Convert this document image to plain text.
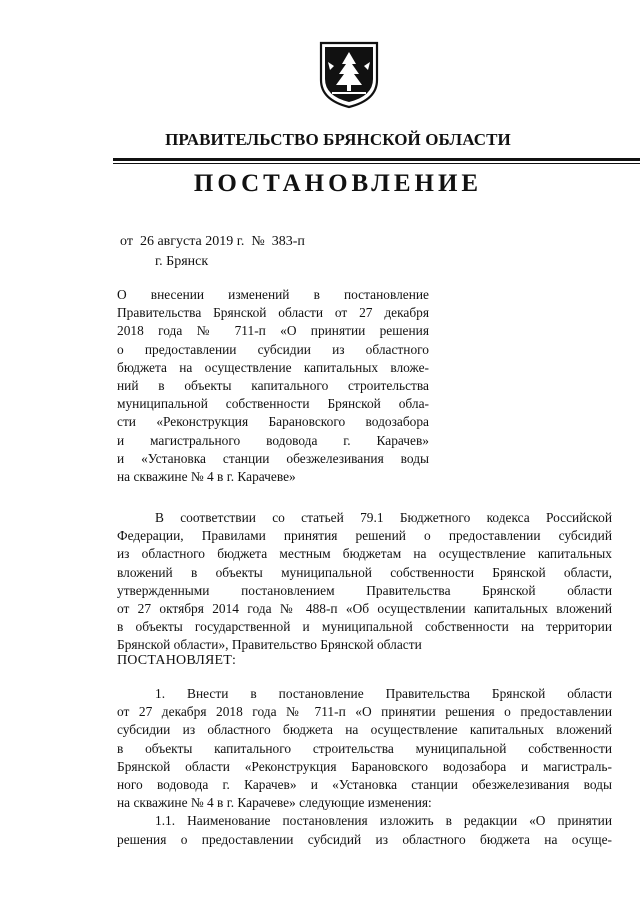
ПРАВИТЕЛЬСТВО БРЯНСКОЙ ОБЛАСТИ
ПОСТАНОВЛЕНИЕ
от 26 августа 2019 г. № 383-п
г. Брянск
О внесении изменений в постановление
Правительства Брянской области от 27 декабря
2018 года № 711-п «О принятии решения
о предоставлении субсидии из областного
бюджета на осуществление капитальных вложе-
ний в объекты капитального строительства
муниципальной собственности Брянской обла-
сти «Реконструкция Барановского водозабора
и магистрального водовода г. Карачев»
и «Установка станции обезжелезивания воды
на скважине № 4 в г. Карачеве»
В соответствии со статьей 79.1 Бюджетного кодекса Российской
Федерации, Правилами принятия решений о предоставлении субсидий
из областного бюджета местным бюджетам на осуществление капитальных
вложений в объекты муниципальной собственности Брянской области,
утвержденными постановлением Правительства Брянской области
от 27 октября 2014 года № 488-п «Об осуществлении капитальных вложений
в объекты государственной и муниципальной собственности на территории
Брянской области», Правительство Брянской области
ПОСТАНОВЛЯЕТ:
1. Внести в постановление Правительства Брянской области
от 27 декабря 2018 года № 711-п «О принятии решения о предоставлении
субсидии из областного бюджета на осуществление капитальных вложений
в объекты капитального строительства муниципальной собственности
Брянской области «Реконструкция Барановского водозабора и магистраль-
ного водовода г. Карачев» и «Установка станции обезжелезивания воды
на скважине № 4 в г. Карачеве» следующие изменения:
1.1. Наименование постановления изложить в редакции «О принятии
решения о предоставлении субсидий из областного бюджета на осуще-
